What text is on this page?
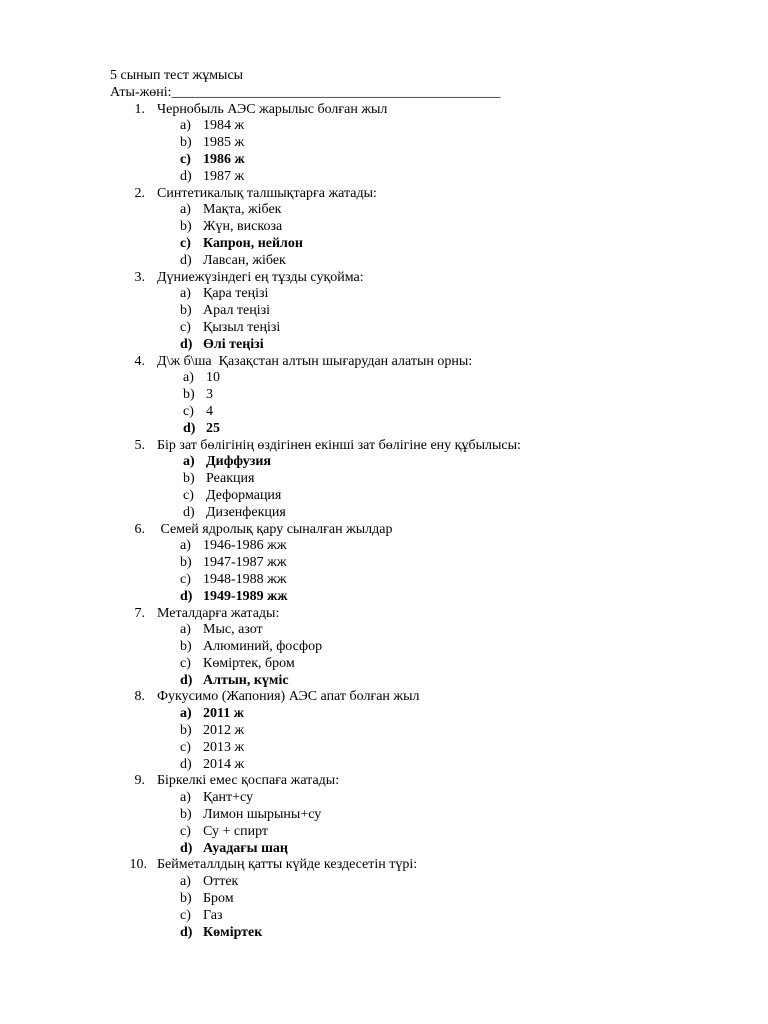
5 сынып тест жұмысы
Аты-жөні:_______________________________________________
1. Чернобыль АЭС жарылыс болған жыл
a) 1984 ж
b) 1985 ж
c) 1986 ж
d) 1987 ж
2. Синтетикалық талшықтарға жатады:
a) Мақта, жібек
b) Жүн, вискоза
c) Капрон, нейлон
d) Лавсан, жібек
3. Дүниежүзіндегі ең тұзды суқойма:
a) Қара теңізі
b) Арал теңізі
c) Қызыл теңізі
d) Өлі теңізі
4. Д\ж б\ша  Қазақстан алтын шығарудан алатын орны:
a) 10
b) 3
c) 4
d) 25
5. Бір зат бөлігінің өздігінен екінші зат бөлігіне ену құбылысы:
a) Диффузия
b) Реакция
c) Деформация
d) Дизенфекция
6. Семей ядролық қару сыналған жылдар
a) 1946-1986 жж
b) 1947-1987 жж
c) 1948-1988 жж
d) 1949-1989 жж
7. Металдарға жатады:
a) Мыс, азот
b) Алюминий, фосфор
c) Көміртек, бром
d) Алтын, күміс
8. Фукусимо (Жапония) АЭС апат болған жыл
a) 2011 ж
b) 2012 ж
c) 2013 ж
d) 2014 ж
9. Біркелкі емес қоспаға жатады:
a) Қант+су
b) Лимон шырыны+су
c) Су + спирт
d) Ауадағы шаң
10. Бейметаллдың қатты күйде кездесетін түрі:
a) Оттек
b) Бром
c) Газ
d) Көміртек
